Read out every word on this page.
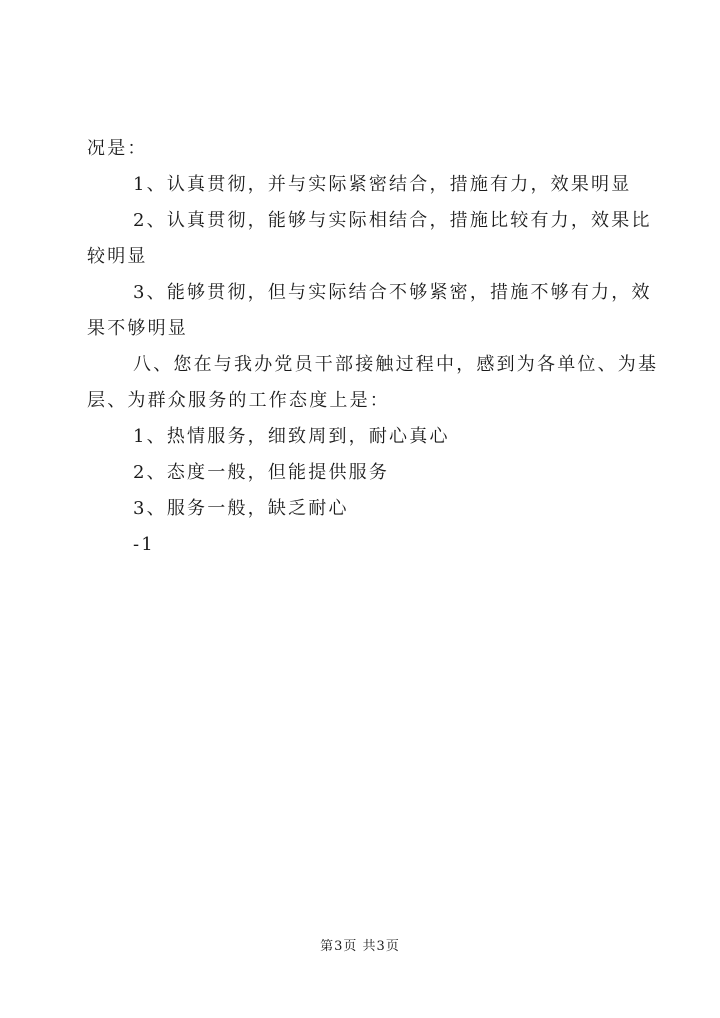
况是：
1、认真贯彻，并与实际紧密结合，措施有力，效果明显
2、认真贯彻，能够与实际相结合，措施比较有力，效果比
较明显
3、能够贯彻，但与实际结合不够紧密，措施不够有力，效
果不够明显
八、您在与我办党员干部接触过程中，感到为各单位、为基
层、为群众服务的工作态度上是：
1、热情服务，细致周到，耐心真心
2、态度一般，但能提供服务
3、服务一般，缺乏耐心
-1
第3页 共3页
